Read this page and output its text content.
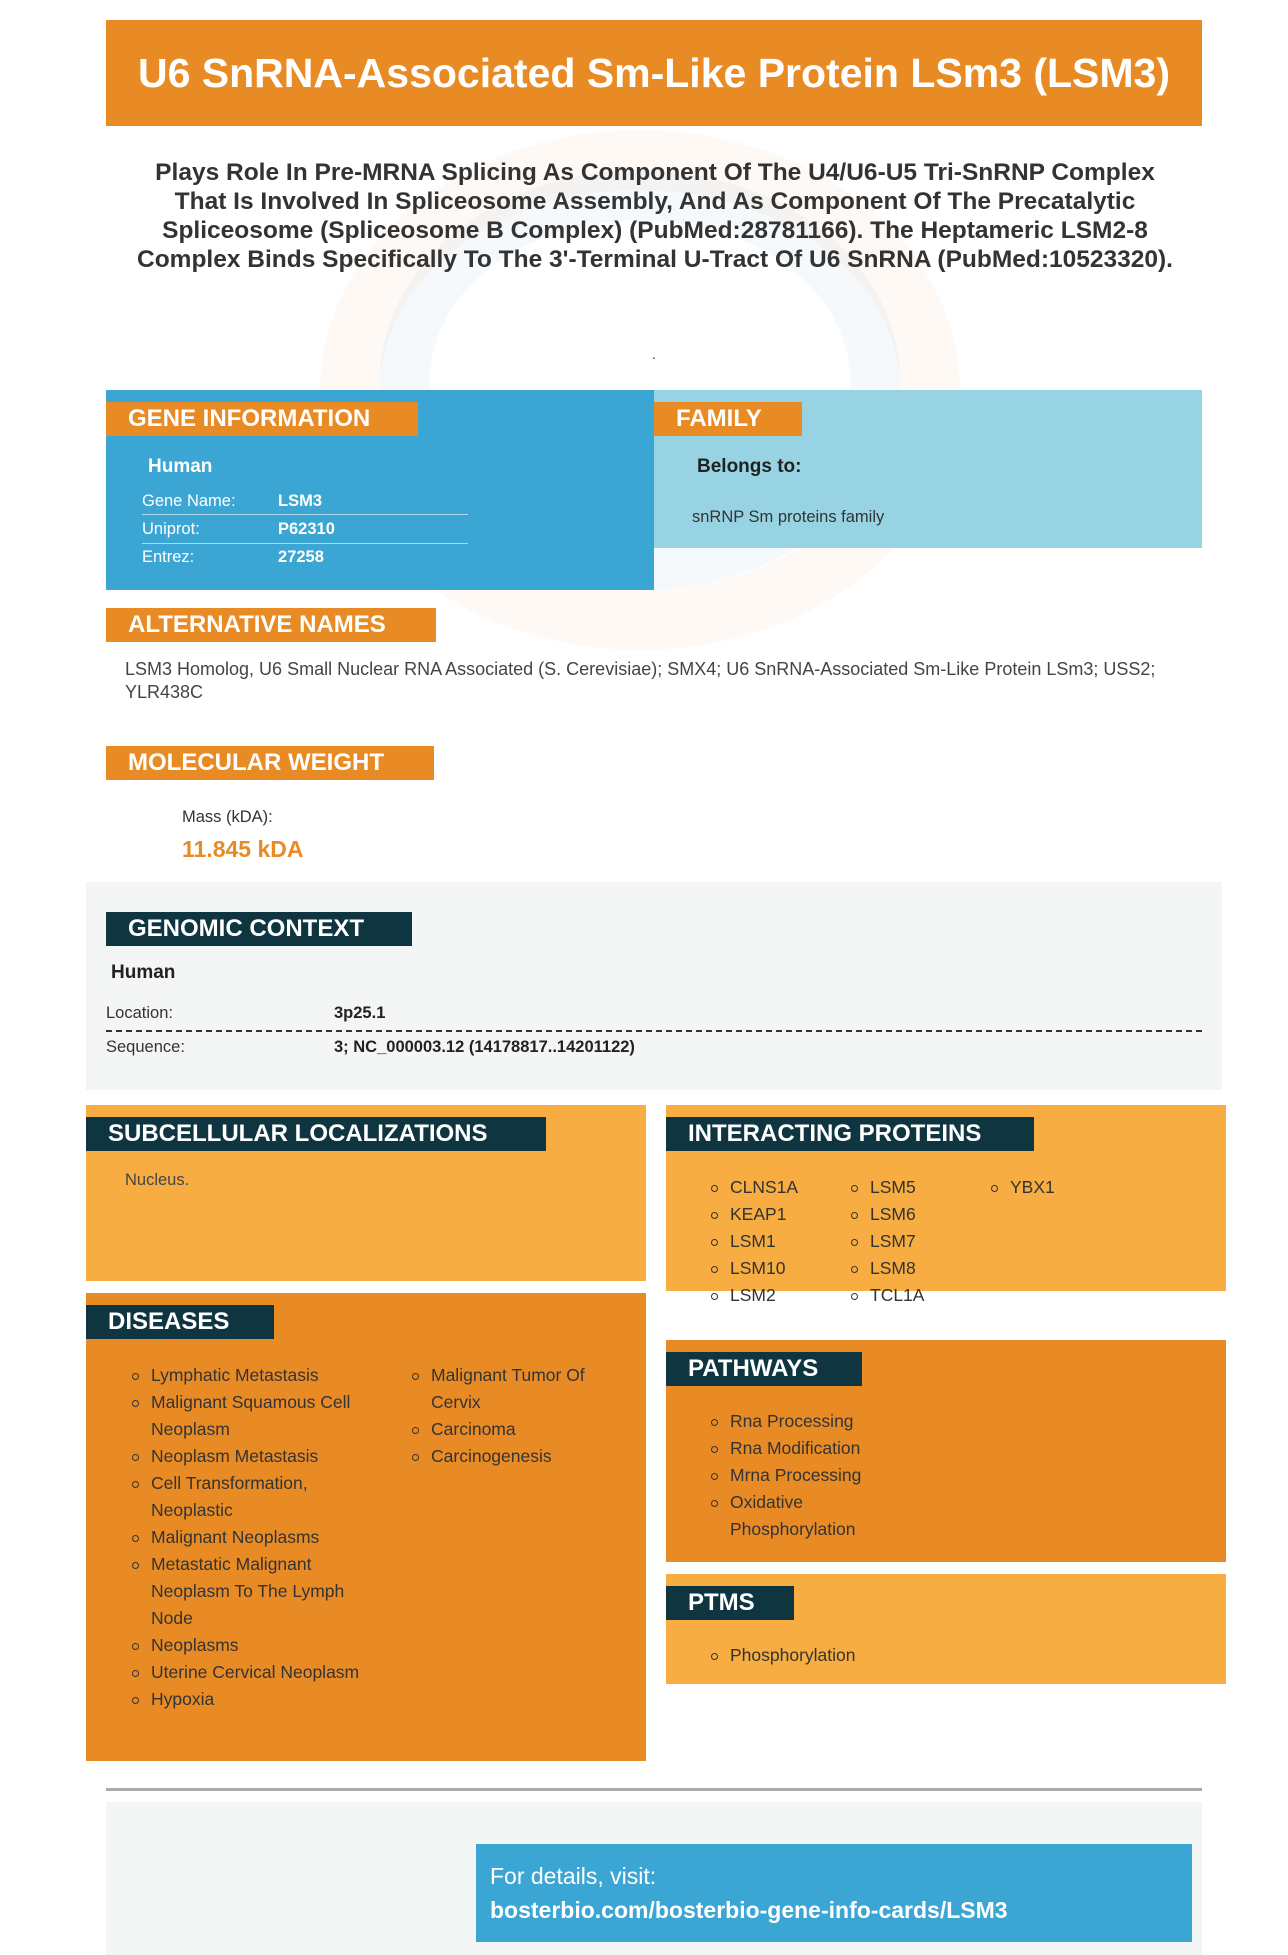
U6 SnRNA-Associated Sm-Like Protein LSm3 (LSM3)
Plays Role In Pre-MRNA Splicing As Component Of The U4/U6-U5 Tri-SnRNP Complex That Is Involved In Spliceosome Assembly, And As Component Of The Precatalytic Spliceosome (Spliceosome B Complex) (PubMed:28781166). The Heptameric LSM2-8 Complex Binds Specifically To The 3'-Terminal U-Tract Of U6 SnRNA (PubMed:10523320).
.
GENE INFORMATION
Human
Gene Name:	LSM3
Uniprot:	P62310
Entrez:	27258
FAMILY
Belongs to:
snRNP Sm proteins family
ALTERNATIVE NAMES
LSM3 Homolog, U6 Small Nuclear RNA Associated (S. Cerevisiae); SMX4; U6 SnRNA-Associated Sm-Like Protein LSm3; USS2; YLR438C
MOLECULAR WEIGHT
Mass (kDA):
11.845 kDA
GENOMIC CONTEXT
Human
Location:	3p25.1
Sequence:	3; NC_000003.12 (14178817..14201122)
SUBCELLULAR LOCALIZATIONS
Nucleus.
INTERACTING PROTEINS
CLNS1A
KEAP1
LSM1
LSM10
LSM2
LSM5
LSM6
LSM7
LSM8
TCL1A
YBX1
DISEASES
Lymphatic Metastasis
Malignant Squamous Cell Neoplasm
Neoplasm Metastasis
Cell Transformation, Neoplastic
Malignant Neoplasms
Metastatic Malignant Neoplasm To The Lymph Node
Neoplasms
Uterine Cervical Neoplasm
Hypoxia
Malignant Tumor Of Cervix
Carcinoma
Carcinogenesis
PATHWAYS
Rna Processing
Rna Modification
Mrna Processing
Oxidative Phosphorylation
PTMS
Phosphorylation
For details, visit:
bosterbio.com/bosterbio-gene-info-cards/LSM3
